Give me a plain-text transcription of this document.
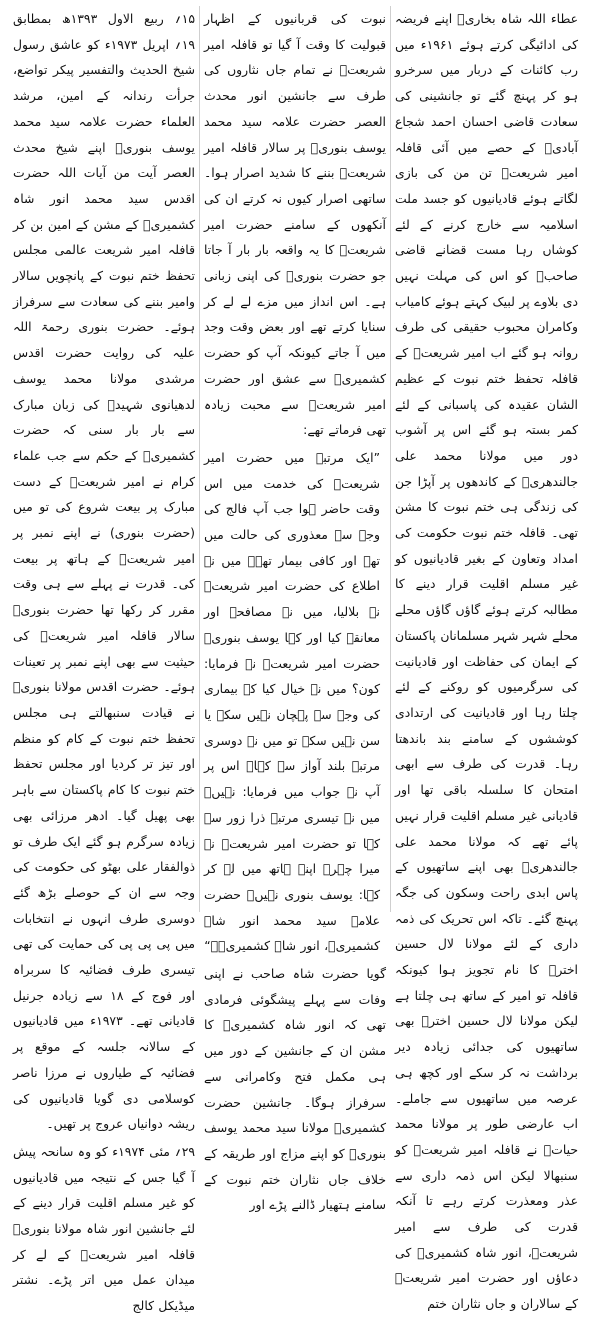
عطاء اللہ شاہ بخاریؒ اپنے فریضہ کی ادائیگی کرتے ہوئے ۱۹۶۱ء میں رب کائنات کے دربار میں سرخرو ہو کر پہنچ گئے تو جانشینی کی سعادت قاضی احسان احمد شجاع آبادیؒ کے حصے میں آئی قافلہ امیر شریعتؒ تن من کی بازی لگاتے ہوئے قادیانیوں کو جسد ملت اسلامیہ سے خارج کرنے کے لئے کوشاں رہا مست قضانے قاضی صاحبؒ کو اس کی مہلت نہیں دی بلاوے پر لبیک کہتے ہوئے کامیاب وکامران محبوب حقیقی کی طرف روانہ ہو گئے اب امیر شریعتؒ کے قافلہ تحفظ ختم نبوت کے عظیم الشان عقیدہ کی پاسبانی کے لئے کمر بستہ ہو گئے اس پر آشوب دور میں مولانا محمد علی جالندھریؒ کے کاندھوں پر آپڑا جن کی زندگی ہی ختم نبوت کا مشن تھی۔ قافلہ ختم نبوت حکومت کی امداد وتعاون کے بغیر قادیانیوں کو غیر مسلم اقلیت قرار دینے کا مطالبہ کرتے ہوئے گاؤں گاؤں محلے محلے شہر شہر مسلمانان پاکستان کے ایمان کی حفاظت اور قادیانیت کی سرگرمیوں کو روکنے کے لئے چلتا رہا اور قادیانیت کی ارتدادی کوششوں کے سامنے بند باندھتا رہا۔ قدرت کی طرف سے ابھی امتحان کا سلسلہ باقی تھا اور قادیانی غیر مسلم اقلیت قرار نہیں پائے تھے کہ مولانا محمد علی جالندھریؒ بھی اپنے ساتھیوں کے پاس ابدی راحت وسکون کی جگہ پہنچ گئے۔ تاکہ اس تحریک کی ذمہ داری کے لئے مولانا لال حسین اخترؒ کا نام تجویز ہوا کیونکہ قافلہ تو امیر کے ساتھ ہی چلتا ہے لیکن مولانا لال حسین اخترؒ بھی ساتھیوں کی جدائی زیادہ دیر برداشت نہ کر سکے اور کچھ ہی عرصہ میں ساتھیوں سے جاملے۔ اب عارضی طور پر مولانا محمد حیاتؒ نے قافلہ امیر شریعتؒ کو سنبھالا لیکن اس ذمہ داری سے عذر ومعذرت کرتے رہے تا آنکہ قدرت کی طرف سے امیر شریعتؒ، انور شاہ کشمیریؒ کی دعاؤں اور حضرت امیر شریعتؒ کے سالاران و جاں نثاران ختم

نبوت کی قربانیوں کے اظہار قبولیت کا وقت آ گیا تو قافلہ امیر شریعتؒ نے تمام جاں نثاروں کی طرف سے جانشین انور محدث العصر حضرت علامہ سید محمد یوسف بنوریؒ پر سالار قافلہ امیر شریعتؒ بننے کا شدید اصرار ہوا۔ ساتھی اصرار کیوں نہ کرتے ان کی آنکھوں کے سامنے حضرت امیر شریعتؒ کا یہ واقعہ بار بار آ جاتا جو حضرت بنوریؒ کی اپنی زبانی ہے۔ اس انداز میں مزے لے لے کر سنایا کرتے تھے اور بعض وقت وجد میں آ جاتے کیونکہ آپ کو حضرت کشمیریؒ سے عشق اور حضرت امیر شریعتؒ سے محبت زیادہ تھی فرماتے تھے:

”ایک مرتبہ میں حضرت امیر شریعتؒ کی خدمت میں اس وقت حاضر ہوا جب آپ فالج کی وجہ سے معذوری کی حالت میں تھے اور کافی بیمار تھے۔ میں نے اطلاع کی حضرت امیر شریعتؒ نے بلالیا، میں نے مصافحہ اور معانقہ کیا اور کہا یوسف بنوریؒ حضرت امیر شریعتؒ نے فرمایا: کون؟ میں نے خیال کیا کہ بیماری کی وجہ سے پہچان نہیں سکے یا سن نہیں سکے تو میں نے دوسری مرتبہ بلند آواز سے کہا۔ اس پر آپ نے جواب میں فرمایا: نہیں۔ میں نے تیسری مرتبہ ذرا زور سے کہا تو حضرت امیر شریعتؒ نے میرا چہرہ اپنے ہاتھ میں لے کر کہا: یوسف بنوری نہیں۔ حضرت علامہ سید محمد انور شاہ کشمیریؒ، انور شاہ کشمیریؒ۔“

گویا حضرت شاہ صاحب نے اپنی وفات سے پہلے پیشگوئی فرمادی تھی کہ انور شاہ کشمیریؒ کا مشن ان کے جانشین کے دور میں ہی مکمل فتح وکامرانی سے سرفراز ہوگا۔ جانشین حضرت کشمیریؒ مولانا سید محمد یوسف بنوریؒ کو اپنے مزاج اور طریقہ کے خلاف جاں نثاران ختم نبوت کے سامنے ہتھیار ڈالنے پڑے اور

۱۵؍ ربیع الاول ۱۳۹۳ھ بمطابق ۱۹؍ اپریل ۱۹۷۳ء کو عاشق رسول شیخ الحدیث والتفسیر پیکر تواضع، جرأت رندانہ کے امین، مرشد العلماء حضرت علامہ سید محمد یوسف بنوریؒ اپنے شیخ محدث العصر آیت من آیات اللہ حضرت اقدس سید محمد انور شاہ کشمیریؒ کے مشن کے امین بن کر قافلہ امیر شریعت عالمی مجلس تحفظ ختم نبوت کے پانچویں سالار وامیر بننے کی سعادت سے سرفراز ہوئے۔ حضرت بنوری رحمۃ اللہ علیہ کی روایت حضرت اقدس مرشدی مولانا محمد یوسف لدھیانوی شہیدؒ کی زبان مبارک سے بار بار سنی کہ حضرت کشمیریؒ کے حکم سے جب علماء کرام نے امیر شریعتؒ کے دست مبارک پر بیعت شروع کی تو میں (حضرت بنوری) نے اپنے نمبر پر امیر شریعتؒ کے ہاتھ پر بیعت کی۔ قدرت نے پہلے سے ہی وقت مقرر کر رکھا تھا حضرت بنوریؒ سالار قافلہ امیر شریعتؒ کی حیثیت سے بھی اپنے نمبر پر تعینات ہوئے۔ حضرت اقدس مولانا بنوریؒ نے قیادت سنبھالتے ہی مجلس تحفظ ختم نبوت کے کام کو منظم اور تیز تر کردیا اور مجلس تحفظ ختم نبوت کا کام پاکستان سے باہر بھی پھیل گیا۔ ادھر مرزائی بھی زیادہ سرگرم ہو گئے ایک طرف تو ذوالفقار علی بھٹو کی حکومت کی وجہ سے ان کے حوصلے بڑھ گئے دوسری طرف انہوں نے انتخابات میں پی پی پی کی حمایت کی تھی تیسری طرف فضائیہ کا سربراہ اور فوج کے ۱۸ سے زیادہ جرنیل قادیانی تھے۔ ۱۹۷۳ء میں قادیانیوں کے سالانہ جلسہ کے موقع پر فضائیہ کے طیاروں نے مرزا ناصر کوسلامی دی گویا قادیانیوں کی ریشہ دوانیاں عروج پر تھیں۔

۲۹؍ مئی ۱۹۷۴ء کو وہ سانحہ پیش آ گیا جس کے نتیجہ میں قادیانیوں کو غیر مسلم اقلیت قرار دینے کے لئے جانشین انور شاہ مولانا بنوریؒ قافلہ امیر شریعتؒ کے لے کر میدان عمل میں اتر پڑے۔ نشتر میڈیکل کالج
